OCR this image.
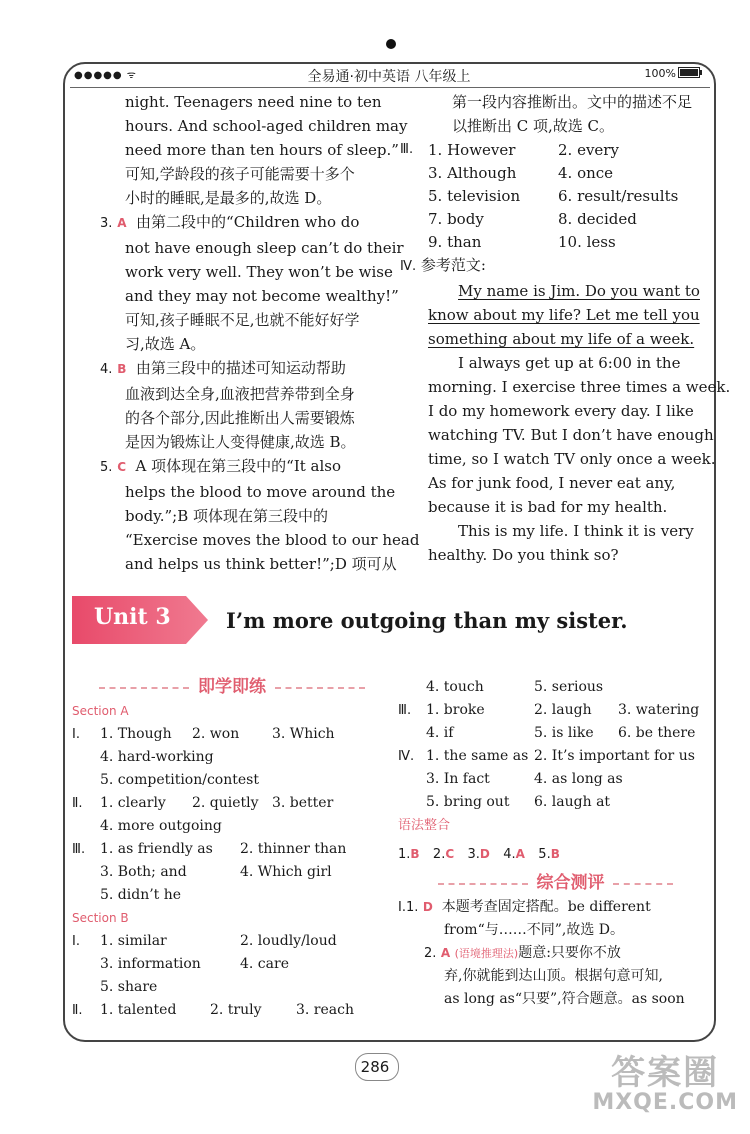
●●●●● ᯤ	全易通·初中英语 八年级上	100%
night. Teenagers need nine to ten
hours. And school-aged children may
need more than ten hours of sleep.”
可知,学龄段的孩子可能需要十多个
小时的睡眠,是最多的,故选 D。
3. A 由第二段中的“Children who do
not have enough sleep can’t do their
work very well. They won’t be wise
and they may not become wealthy!”
可知,孩子睡眠不足,也就不能好好学
习,故选 A。
4. B 由第三段中的描述可知运动帮助
血液到达全身,血液把营养带到全身
的各个部分,因此推断出人需要锻炼
是因为锻炼让人变得健康,故选 B。
5. C A 项体现在第三段中的“It also
helps the blood to move around the
body.”;B 项体现在第三段中的
“Exercise moves the blood to our head
and helps us think better!”;D 项可从
第一段内容推断出。文中的描述不足
以推断出 C 项,故选 C。
Ⅲ. 1. However	2. every
3. Although	4. once
5. television	6. result/results
7. body	8. decided
9. than	10. less
Ⅳ. 参考范文:
My name is Jim. Do you want to
know about my life? Let me tell you
something about my life of a week.
I always get up at 6:00 in the
morning. I exercise three times a week.
I do my homework every day. I like
watching TV. But I don’t have enough
time, so I watch TV only once a week.
As for junk food, I never eat any,
because it is bad for my health.
This is my life. I think it is very
healthy. Do you think so?
Unit 3	I’m more outgoing than my sister.
即学即练
Section A
Ⅰ. 1. Though 2. won 3. Which
4. hard-working
5. competition/contest
Ⅱ. 1. clearly 2. quietly 3. better
4. more outgoing
Ⅲ. 1. as friendly as 2. thinner than
3. Both; and	4. Which girl
5. didn’t he
Section B
Ⅰ. 1. similar	2. loudly/loud
3. information	4. care
5. share
Ⅱ. 1. talented 2. truly 3. reach
4. touch	5. serious
Ⅲ. 1. broke	2. laugh 3. watering
4. if	5. is like 6. be there
Ⅳ. 1. the same as 2. It’s important for us
3. In fact	4. as long as
5. bring out 6. laugh at
语法整合
1.B 2.C 3.D 4.A 5.B
综合测评
Ⅰ.1. D 本题考查固定搭配。be different
from“与……不同”,故选 D。
2. A (语境推理法)题意:只要你不放
弃,你就能到达山顶。根据句意可知,
as long as“只要”,符合题意。as soon
286	答案圈
MXQE.COM
